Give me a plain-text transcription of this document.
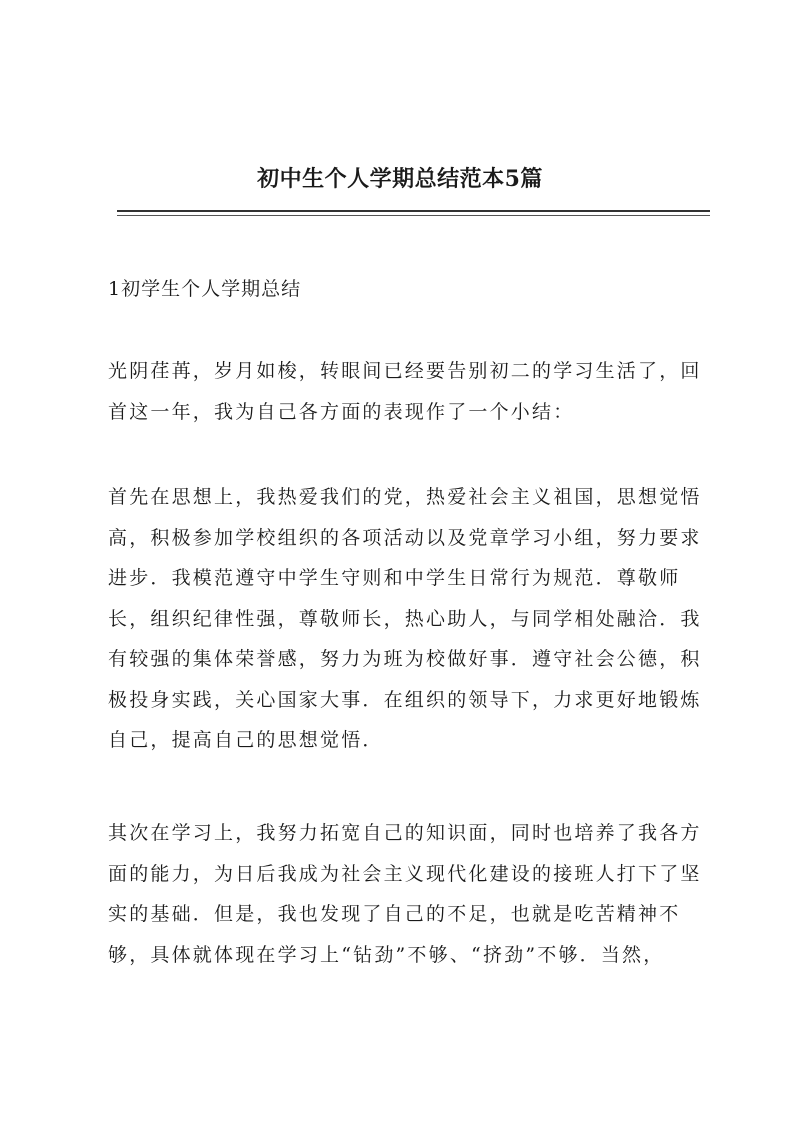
初中生个人学期总结范本5篇
1初学生个人学期总结
光阴荏苒，岁月如梭，转眼间已经要告别初二的学习生活了，回
首这一年，我为自己各方面的表现作了一个小结：
首先在思想上，我热爱我们的党，热爱社会主义祖国，思想觉悟
高，积极参加学校组织的各项活动以及党章学习小组，努力要求
进步．我模范遵守中学生守则和中学生日常行为规范．尊敬师
长，组织纪律性强，尊敬师长，热心助人，与同学相处融洽．我
有较强的集体荣誉感，努力为班为校做好事．遵守社会公德，积
极投身实践，关心国家大事．在组织的领导下，力求更好地锻炼
自己，提高自己的思想觉悟．
其次在学习上，我努力拓宽自己的知识面，同时也培养了我各方
面的能力，为日后我成为社会主义现代化建设的接班人打下了坚
实的基础．但是，我也发现了自己的不足，也就是吃苦精神不
够，具体就体现在学习上“钻劲”不够、“挤劲”不够．当然，
